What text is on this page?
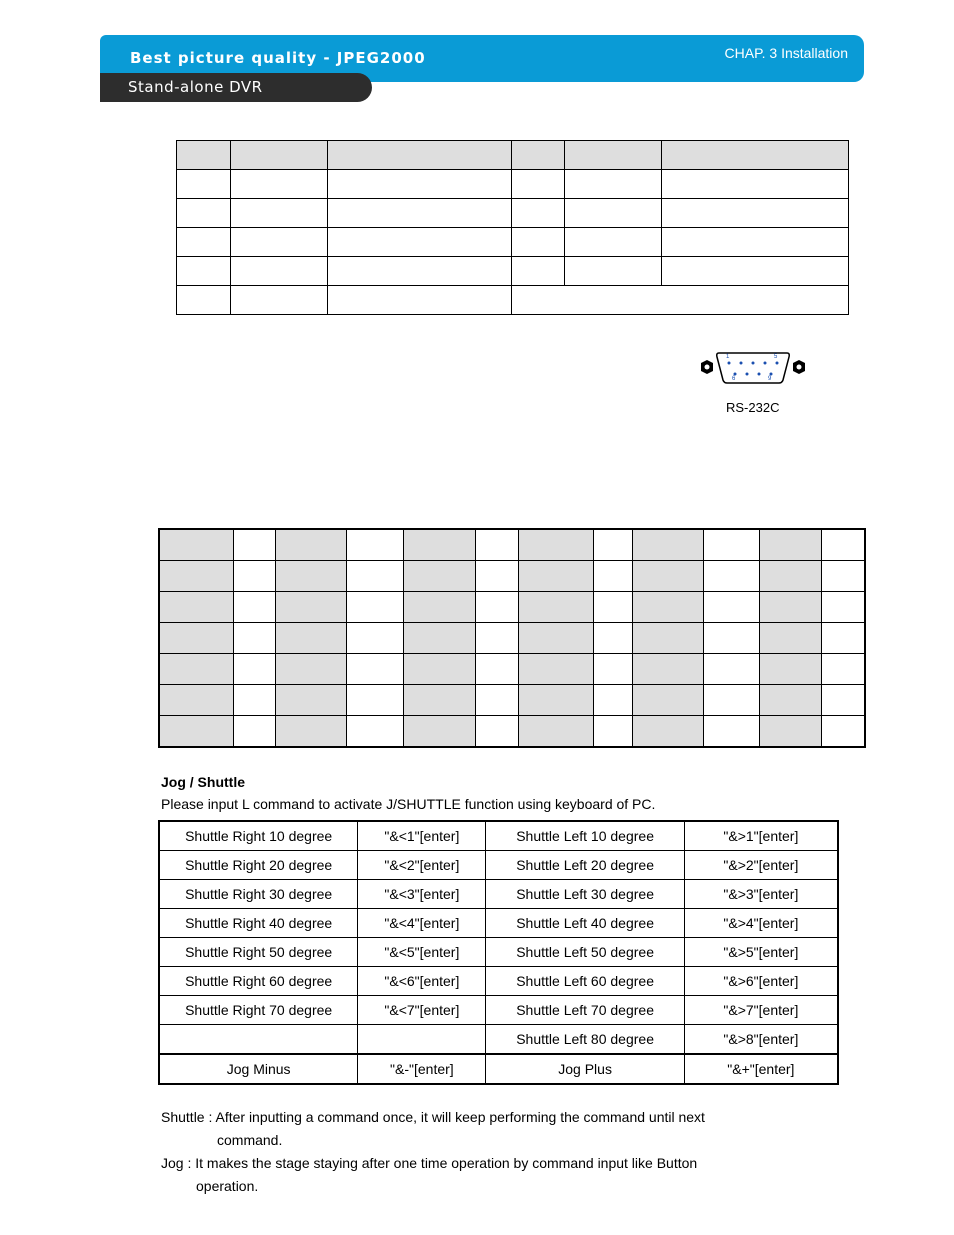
Best picture quality - JPEG2000	CHAP. 3 Installation
Stand-alone DVR

1	5
6	9
RS-232C

Jog / Shuttle
Please input L command to activate J/SHUTTLE function using keyboard of PC.
Shuttle Right 10 degree	"&<1"[enter]	Shuttle Left 10 degree	"&>1"[enter]
Shuttle Right 20 degree	"&<2"[enter]	Shuttle Left 20 degree	"&>2"[enter]
Shuttle Right 30 degree	"&<3"[enter]	Shuttle Left 30 degree	"&>3"[enter]
Shuttle Right 40 degree	"&<4"[enter]	Shuttle Left 40 degree	"&>4"[enter]
Shuttle Right 50 degree	"&<5"[enter]	Shuttle Left 50 degree	"&>5"[enter]
Shuttle Right 60 degree	"&<6"[enter]	Shuttle Left 60 degree	"&>6"[enter]
Shuttle Right 70 degree	"&<7"[enter]	Shuttle Left 70 degree	"&>7"[enter]
		Shuttle Left 80 degree	"&>8"[enter]
Jog Minus	"&-"[enter]	Jog Plus	"&+"[enter]
Shuttle : After inputting a command once, it will keep performing the command until next
command.
Jog : It makes the stage staying after one time operation by command input like Button
operation.
